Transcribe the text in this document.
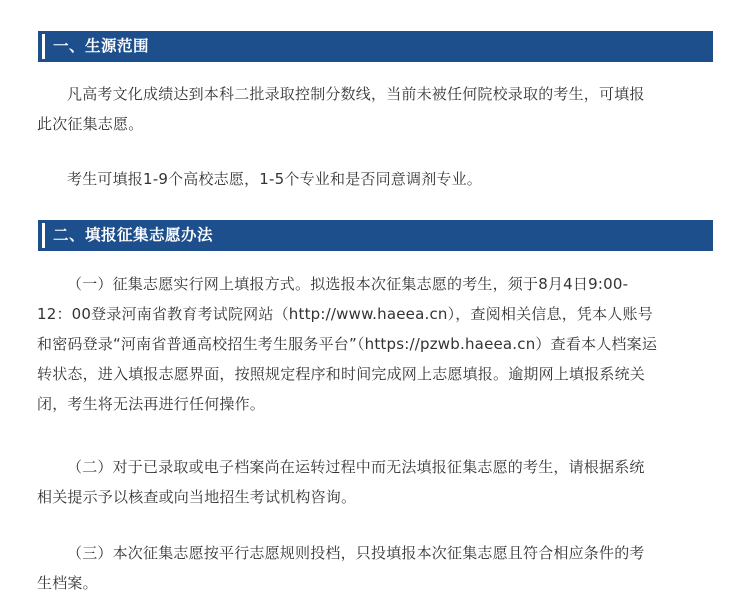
一、生源范围

凡高考文化成绩达到本科二批录取控制分数线，当前未被任何院校录取的考生，可填报
此次征集志愿。

考生可填报1-9个高校志愿，1-5个专业和是否同意调剂专业。

二、填报征集志愿办法

（一）征集志愿实行网上填报方式。拟选报本次征集志愿的考生，须于8月4日9:00-
12：00登录河南省教育考试院网站（http://www.haeea.cn），查阅相关信息，凭本人账号
和密码登录“河南省普通高校招生考生服务平台”（https://pzwb.haeea.cn）查看本人档案运
转状态，进入填报志愿界面，按照规定程序和时间完成网上志愿填报。逾期网上填报系统关
闭，考生将无法再进行任何操作。

（二）对于已录取或电子档案尚在运转过程中而无法填报征集志愿的考生，请根据系统
相关提示予以核查或向当地招生考试机构咨询。

（三）本次征集志愿按平行志愿规则投档，只投填报本次征集志愿且符合相应条件的考
生档案。
